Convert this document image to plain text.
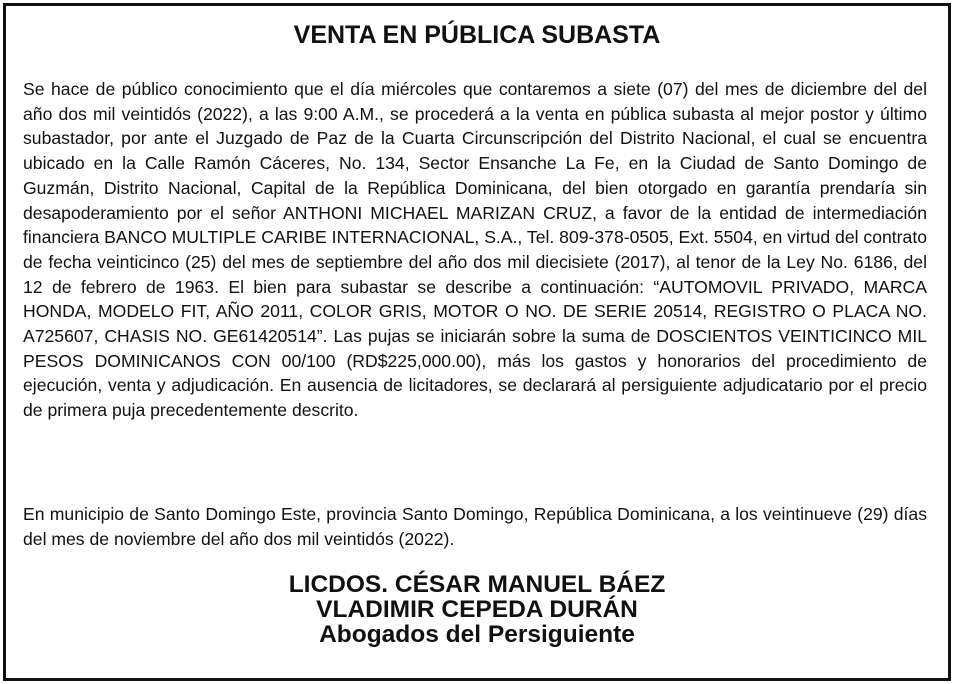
VENTA EN PÚBLICA SUBASTA

Se hace de público conocimiento que el día miércoles que contaremos a siete (07) del mes de diciembre del del año dos mil veintidós (2022), a las 9:00 A.M., se procederá a la venta en pública subasta al mejor postor y último subastador, por ante el Juzgado de Paz de la Cuarta Circunscripción del Distrito Nacional, el cual se encuentra ubicado en la Calle Ramón Cáceres, No. 134, Sector Ensanche La Fe, en la Ciudad de Santo Domingo de Guzmán, Distrito Nacional, Capital de la República Dominicana, del bien otorgado en garantía prendaría sin desapoderamiento por el señor ANTHONI MICHAEL MARIZAN CRUZ, a favor de la entidad de intermediación financiera BANCO MULTIPLE CARIBE INTERNACIONAL, S.A., Tel. 809-378-0505, Ext. 5504, en virtud del contrato de fecha veinticinco (25) del mes de septiembre del año dos mil diecisiete (2017), al tenor de la Ley No. 6186, del 12 de febrero de 1963. El bien para subastar se describe a continuación: “AUTOMOVIL PRIVADO, MARCA HONDA, MODELO FIT, AÑO 2011, COLOR GRIS, MOTOR O NO. DE SERIE 20514, REGISTRO O PLACA NO. A725607, CHASIS NO. GE61420514”. Las pujas se iniciarán sobre la suma de DOSCIENTOS VEINTICINCO MIL PESOS DOMINICANOS CON 00/100 (RD$225,000.00), más los gastos y honorarios del procedimiento de ejecución, venta y adjudicación. En ausencia de licitadores, se declarará al persiguiente adjudicatario por el precio de primera puja precedentemente descrito.

En municipio de Santo Domingo Este, provincia Santo Domingo, República Dominicana, a los veintinueve (29) días del mes de noviembre del año dos mil veintidós (2022).

LICDOS. CÉSAR MANUEL BÁEZ
VLADIMIR CEPEDA DURÁN
Abogados del Persiguiente
